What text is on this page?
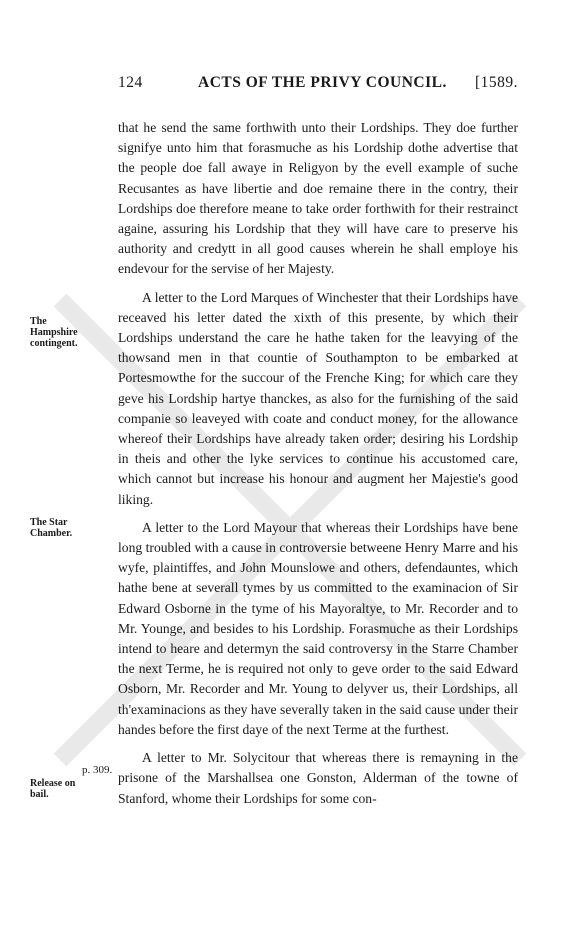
124	ACTS OF THE PRIVY COUNCIL. [1589.
The Hampshire contingent.
The Star Chamber.
p. 309.
Release on bail.

that he send the same forthwith unto their Lordships. They doe further signifye unto him that forasmuche as his Lordship dothe advertise that the people doe fall awaye in Religyon by the evell example of suche Recusantes as have libertie and doe remaine there in the contry, their Lordships doe therefore meane to take order forthwith for their restrainct againe, assuring his Lordship that they will have care to preserve his authority and credytt in all good causes wherein he shall employe his endevour for the servise of her Majesty.

A letter to the Lord Marques of Winchester that their Lordships have receaved his letter dated the xixth of this presente, by which their Lordships understand the care he hathe taken for the leavying of the thowsand men in that countie of Southampton to be embarked at Portesmowthe for the succour of the Frenche King; for which care they geve his Lordship hartye thanckes, as also for the furnishing of the said companie so leaveyed with coate and conduct money, for the allowance whereof their Lordships have already taken order; desiring his Lordship in theis and other the lyke services to continue his accustomed care, which cannot but increase his honour and augment her Majestie's good liking.

A letter to the Lord Mayour that whereas their Lordships have bene long troubled with a cause in controversie betweene Henry Marre and his wyfe, plaintiffes, and John Mounslowe and others, defendauntes, which hathe bene at severall tymes by us committed to the examinacion of Sir Edward Osborne in the tyme of his Mayoraltye, to Mr. Recorder and to Mr. Younge, and besides to his Lordship. Forasmuche as their Lordships intend to heare and determyn the said controversy in the Starre Chamber the next Terme, he is required not only to geve order to the said Edward Osborn, Mr. Recorder and Mr. Young to delyver us, their Lordships, all th'examinacions as they have severally taken in the said cause under their handes before the first daye of the next Terme at the furthest.

A letter to Mr. Solycitour that whereas there is remayning in the prisone of the Marshallsea one Gonston, Alderman of the towne of Stanford, whome their Lordships for some con-
